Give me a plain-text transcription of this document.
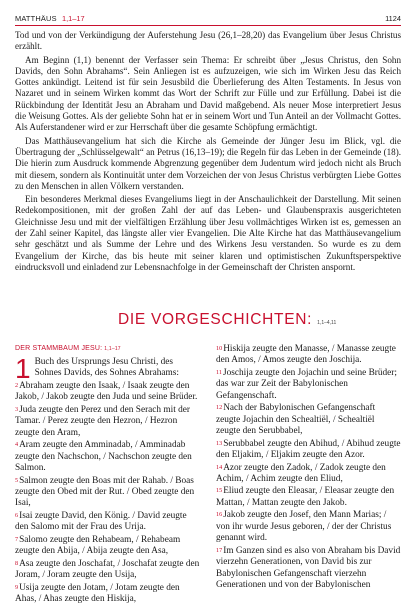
MATTHÄUS 1,1–17	1124

Tod und von der Verkündigung der Auferstehung Jesu (26,1–28,20) das Evangelium über Jesus Christus erzählt.

Am Beginn (1,1) benennt der Verfasser sein Thema: Er schreibt über „Jesus Christus, den Sohn Davids, den Sohn Abrahams“. Sein Anliegen ist es aufzuzeigen, wie sich im Wirken Jesu das Reich Gottes ankündigt. Leitend ist für sein Jesusbild die Überlieferung des Alten Testaments. In Jesus von Nazaret und in seinem Wirken kommt das Wort der Schrift zur Fülle und zur Erfüllung. Dabei ist die Rückbindung der Identität Jesu an Abraham und David maßgebend. Als neuer Mose interpretiert Jesus die Weisung Gottes. Als der geliebte Sohn hat er in seinem Wort und Tun Anteil an der Vollmacht Gottes. Als Auferstandener wird er zur Herrschaft über die gesamte Schöpfung ermächtigt.

Das Matthäusevangelium hat sich die Kirche als Gemeinde der Jünger Jesu im Blick, vgl. die Übertragung der „Schlüsselgewalt“ an Petrus (16,13–19); die Regeln für das Leben in der Gemeinde (18). Die hierin zum Ausdruck kommende Abgrenzung gegenüber dem Judentum wird jedoch nicht als Bruch mit diesem, sondern als Kontinuität unter dem Vorzeichen der von Jesus Christus verbürgten Liebe Gottes zu den Menschen in allen Völkern verstanden.

Ein besonderes Merkmal dieses Evangeliums liegt in der Anschaulichkeit der Darstellung. Mit seinen Redekompositionen, mit der großen Zahl der auf das Leben- und Glaubenspraxis ausgerichteten Gleichnisse Jesu und mit der vielfältigen Erzählung über Jesu vollmächtiges Wirken ist es, gemessen an der Zahl seiner Kapitel, das längste aller vier Evangelien. Die Alte Kirche hat das Matthäusevangelium sehr geschätzt und als Summe der Lehre und des Wirkens Jesu verstanden. So wurde es zu dem Evangelium der Kirche, das bis heute mit seiner klaren und optimistischen Zukunftsperspektive eindrucksvoll und einladend zur Lebensnachfolge in der Gemeinschaft der Christen anspornt.

DIE VORGESCHICHTEN: 1,1–4,11
DER STAMMBAUM JESU: 1,1–17
1 Buch des Ursprungs Jesu Christi, des Sohnes Davids, des Sohnes Abrahams:

2Abraham zeugte den Isaak, / Isaak zeugte den Jakob, / Jakob zeugte den Juda und seine Brüder.

3Juda zeugte den Perez und den Serach mit der Tamar. / Perez zeugte den Hezron, / Hezron zeugte den Aram,

4Aram zeugte den Amminadab, / Amminadab zeugte den Nachschon, / Nachschon zeugte den Salmon.

5Salmon zeugte den Boas mit der Rahab. / Boas zeugte den Obed mit der Rut. / Obed zeugte den Isai,

6Isai zeugte David, den König. / David zeugte den Salomo mit der Frau des Urija.

7Salomo zeugte den Rehabeam, / Rehabeam zeugte den Abija, / Abija zeugte den Asa,

8Asa zeugte den Joschafat, / Joschafat zeugte den Joram, / Joram zeugte den Usija,

9Usija zeugte den Jotam, / Jotam zeugte den Ahas, / Ahas zeugte den Hiskija,

10Hiskija zeugte den Manasse, / Manasse zeugte den Amos, / Amos zeugte den Joschija.

11Joschija zeugte den Jojachin und seine Brüder; das war zur Zeit der Babylonischen Gefangenschaft.

12Nach der Babylonischen Gefangenschaft zeugte Jojachin den Schealtiël, / Schealtiël zeugte den Serubbabel,

13Serubbabel zeugte den Abihud, / Abihud zeugte den Eljakim, / Eljakim zeugte den Azor.

14Azor zeugte den Zadok, / Zadok zeugte den Achim, / Achim zeugte den Eliud,

15Eliud zeugte den Eleasar, / Eleasar zeugte den Mattan, / Mattan zeugte den Jakob.

16Jakob zeugte den Josef, den Mann Marias; / von ihr wurde Jesus geboren, / der der Christus genannt wird.

17Im Ganzen sind es also von Abraham bis David vierzehn Generationen, von David bis zur Babylonischen Gefangenschaft vierzehn Generationen und von der Babylonischen
